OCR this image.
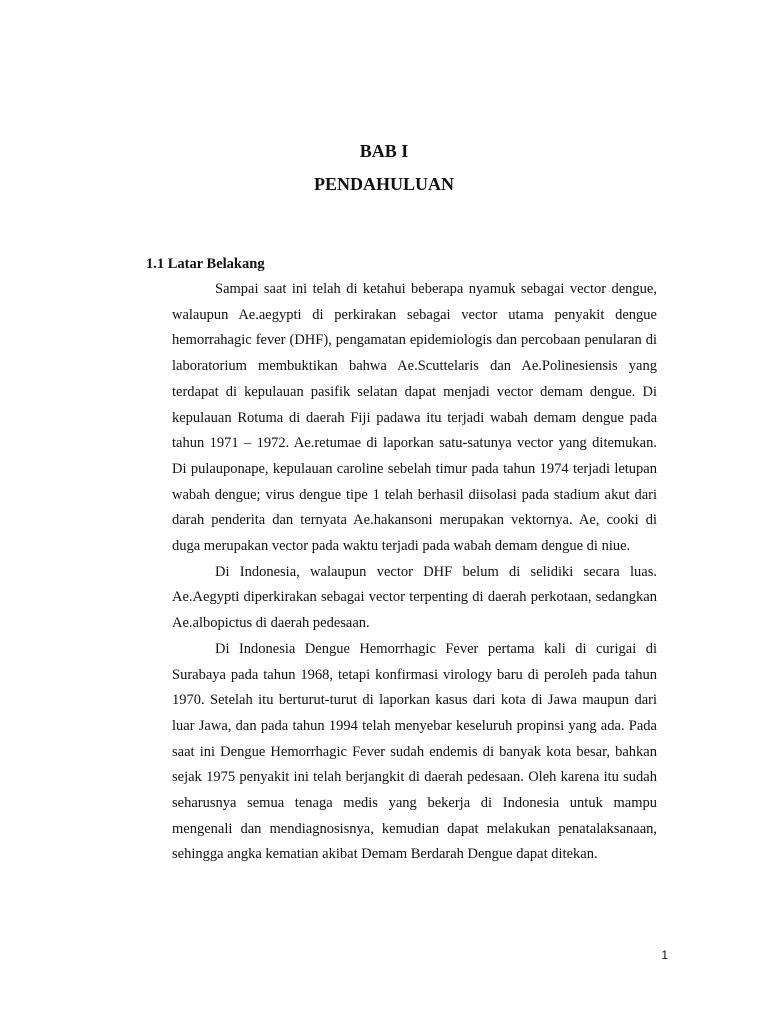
BAB I
PENDAHULUAN
1.1 Latar Belakang

Sampai saat ini telah di ketahui beberapa nyamuk sebagai vector dengue, walaupun Ae.aegypti di perkirakan sebagai vector utama penyakit dengue hemorrahagic fever (DHF), pengamatan epidemiologis dan percobaan penularan di laboratorium membuktikan bahwa Ae.Scuttelaris dan Ae.Polinesiensis yang terdapat di kepulauan pasifik selatan dapat menjadi vector demam dengue. Di kepulauan Rotuma di daerah Fiji padawa itu terjadi wabah demam dengue pada tahun 1971 – 1972. Ae.retumae di laporkan satu-satunya vector yang ditemukan. Di pulauponape, kepulauan caroline sebelah timur pada tahun 1974 terjadi letupan wabah dengue; virus dengue tipe 1 telah berhasil diisolasi pada stadium akut dari darah penderita dan ternyata Ae.hakansoni merupakan vektornya. Ae, cooki di duga merupakan vector pada waktu terjadi pada wabah demam dengue di niue.

Di Indonesia, walaupun vector DHF belum di selidiki secara luas. Ae.Aegypti diperkirakan sebagai vector terpenting di daerah perkotaan, sedangkan Ae.albopictus di daerah pedesaan.

Di Indonesia Dengue Hemorrhagic Fever pertama kali di curigai di Surabaya pada tahun 1968, tetapi konfirmasi virology baru di peroleh pada tahun 1970. Setelah itu berturut-turut di laporkan kasus dari kota di Jawa maupun dari luar Jawa, dan pada tahun 1994 telah menyebar keseluruh propinsi yang ada. Pada saat ini Dengue Hemorrhagic Fever sudah endemis di banyak kota besar, bahkan sejak 1975 penyakit ini telah berjangkit di daerah pedesaan. Oleh karena itu sudah seharusnya semua tenaga medis yang bekerja di Indonesia untuk mampu mengenali dan mendiagnosisnya, kemudian dapat melakukan penatalaksanaan, sehingga angka kematian akibat Demam Berdarah Dengue dapat ditekan.

1
